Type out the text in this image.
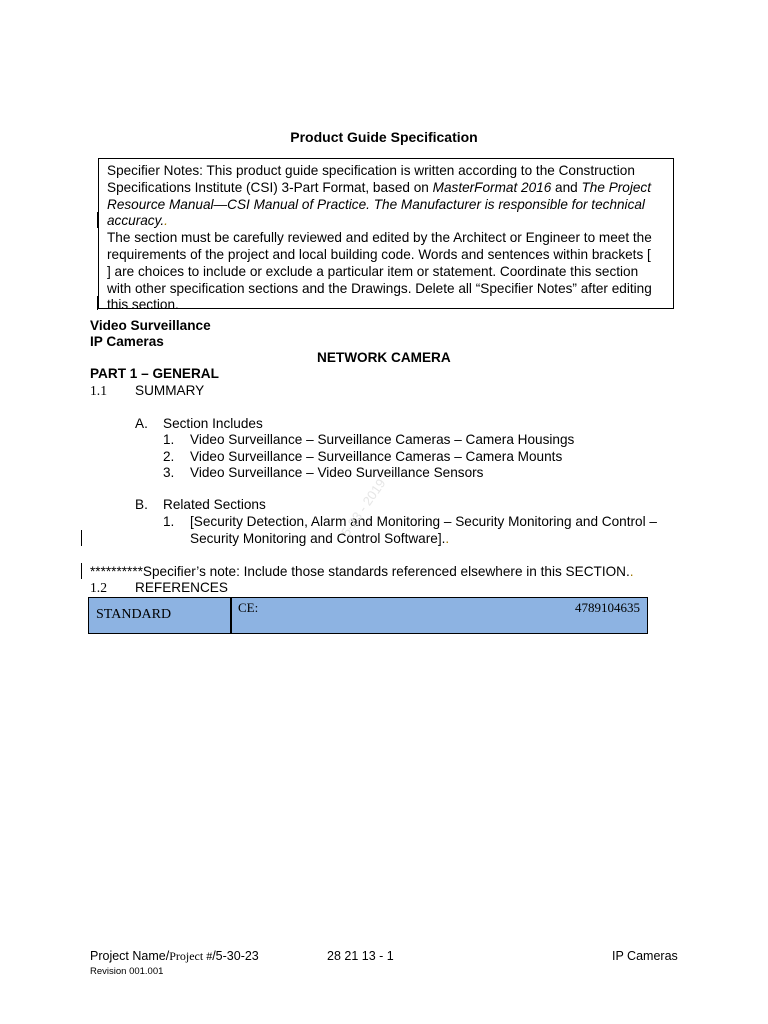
Product Guide Specification

Specifier Notes: This product guide specification is written according to the Construction

Specifications Institute (CSI) 3-Part Format, based on MasterFormat 2016 and The Project

Resource Manual—CSI Manual of Practice. The Manufacturer is responsible for technical

accuracy..

The section must be carefully reviewed and edited by the Architect or Engineer to meet the

requirements of the project and local building code. Words and sentences within brackets [

] are choices to include or exclude a particular item or statement. Coordinate this section

with other specification sections and the Drawings. Delete all “Specifier Notes” after editing

this section.

Video Surveillance
IP Cameras
NETWORK CAMERA
PART 1 – GENERAL
1.1 SUMMARY
A. Section Includes
1. Video Surveillance – Surveillance Cameras – Camera Housings
2. Video Surveillance – Surveillance Cameras – Camera Mounts
3. Video Surveillance – Video Surveillance Sensors
B. Related Sections
1. [Security Detection, Alarm and Monitoring – Security Monitoring and Control –
Security Monitoring and Control Software]..
5-23 - 2019
**********Specifier’s note: Include those standards referenced elsewhere in this SECTION..
1.2 REFERENCES
STANDARD	CE:	4789104635
Project Name/Project #/5-30-23
Revision 001.001
28 21 13 - 1	IP Cameras
